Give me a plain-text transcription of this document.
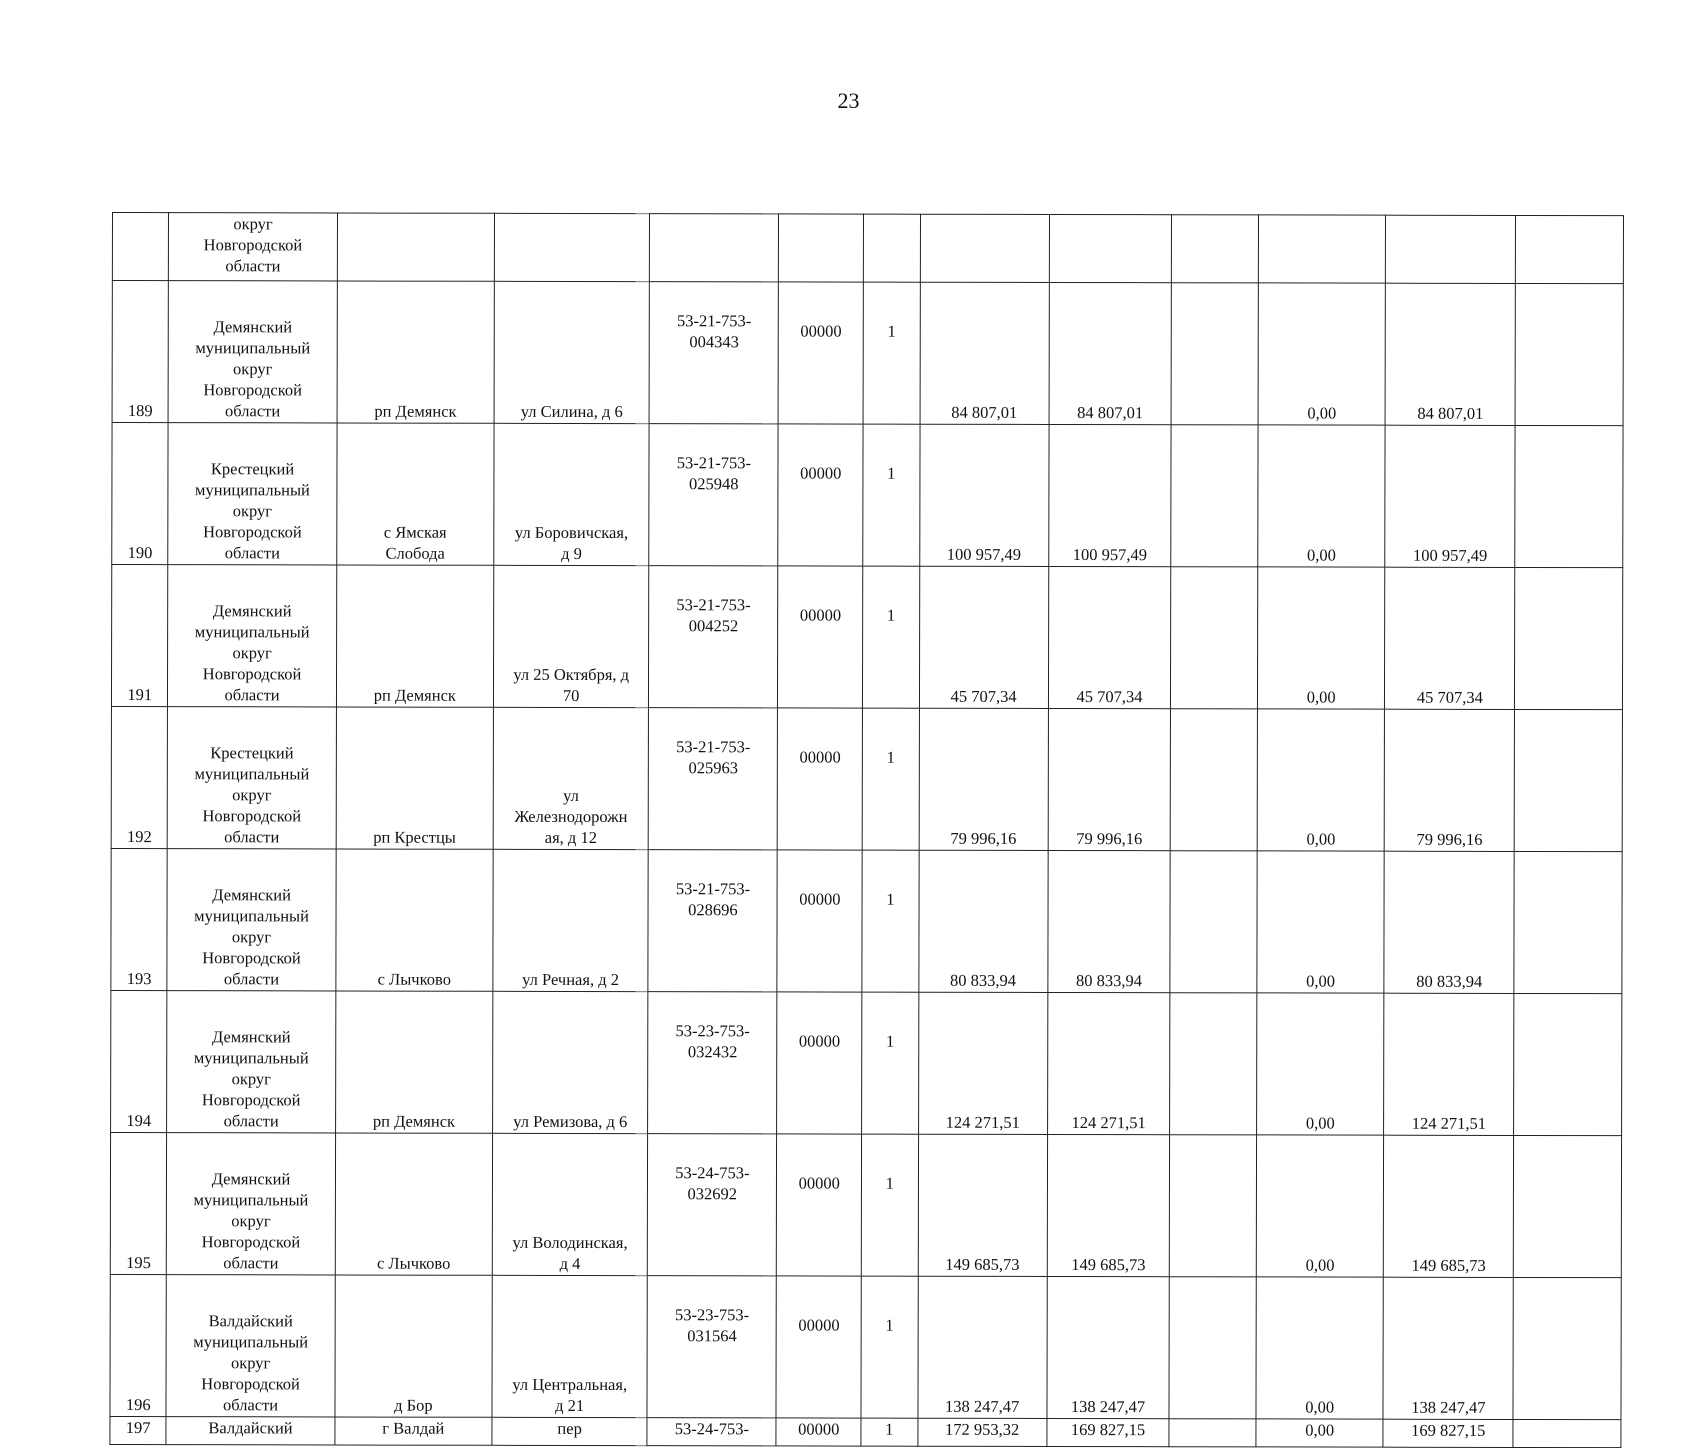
23
	округ
Новгородской
области											
189	Демянский
муниципальный
округ
Новгородской
области	рп Демянск	ул Силина, д 6	53-21-753-
004343	00000	1	84 807,01	84 807,01		0,00	84 807,01	
190	Крестецкий
муниципальный
округ
Новгородской
области	с Ямская
Слобода	ул Боровичская,
д 9	53-21-753-
025948	00000	1	100 957,49	100 957,49		0,00	100 957,49	
191	Демянский
муниципальный
округ
Новгородской
области	рп Демянск	ул 25 Октября, д
70	53-21-753-
004252	00000	1	45 707,34	45 707,34		0,00	45 707,34	
192	Крестецкий
муниципальный
округ
Новгородской
области	рп Крестцы	ул
Железнодорожн
ая, д 12	53-21-753-
025963	00000	1	79 996,16	79 996,16		0,00	79 996,16	
193	Демянский
муниципальный
округ
Новгородской
области	с Лычково	ул Речная, д 2	53-21-753-
028696	00000	1	80 833,94	80 833,94		0,00	80 833,94	
194	Демянский
муниципальный
округ
Новгородской
области	рп Демянск	ул Ремизова, д 6	53-23-753-
032432	00000	1	124 271,51	124 271,51		0,00	124 271,51	
195	Демянский
муниципальный
округ
Новгородской
области	с Лычково	ул Володинская,
д 4	53-24-753-
032692	00000	1	149 685,73	149 685,73		0,00	149 685,73	
196	Валдайский
муниципальный
округ
Новгородской
области	д Бор	ул Центральная,
д 21	53-23-753-
031564	00000	1	138 247,47	138 247,47		0,00	138 247,47	
197	Валдайский	г Валдай	пер	53-24-753-	00000	1	172 953,32	169 827,15		0,00	169 827,15	
